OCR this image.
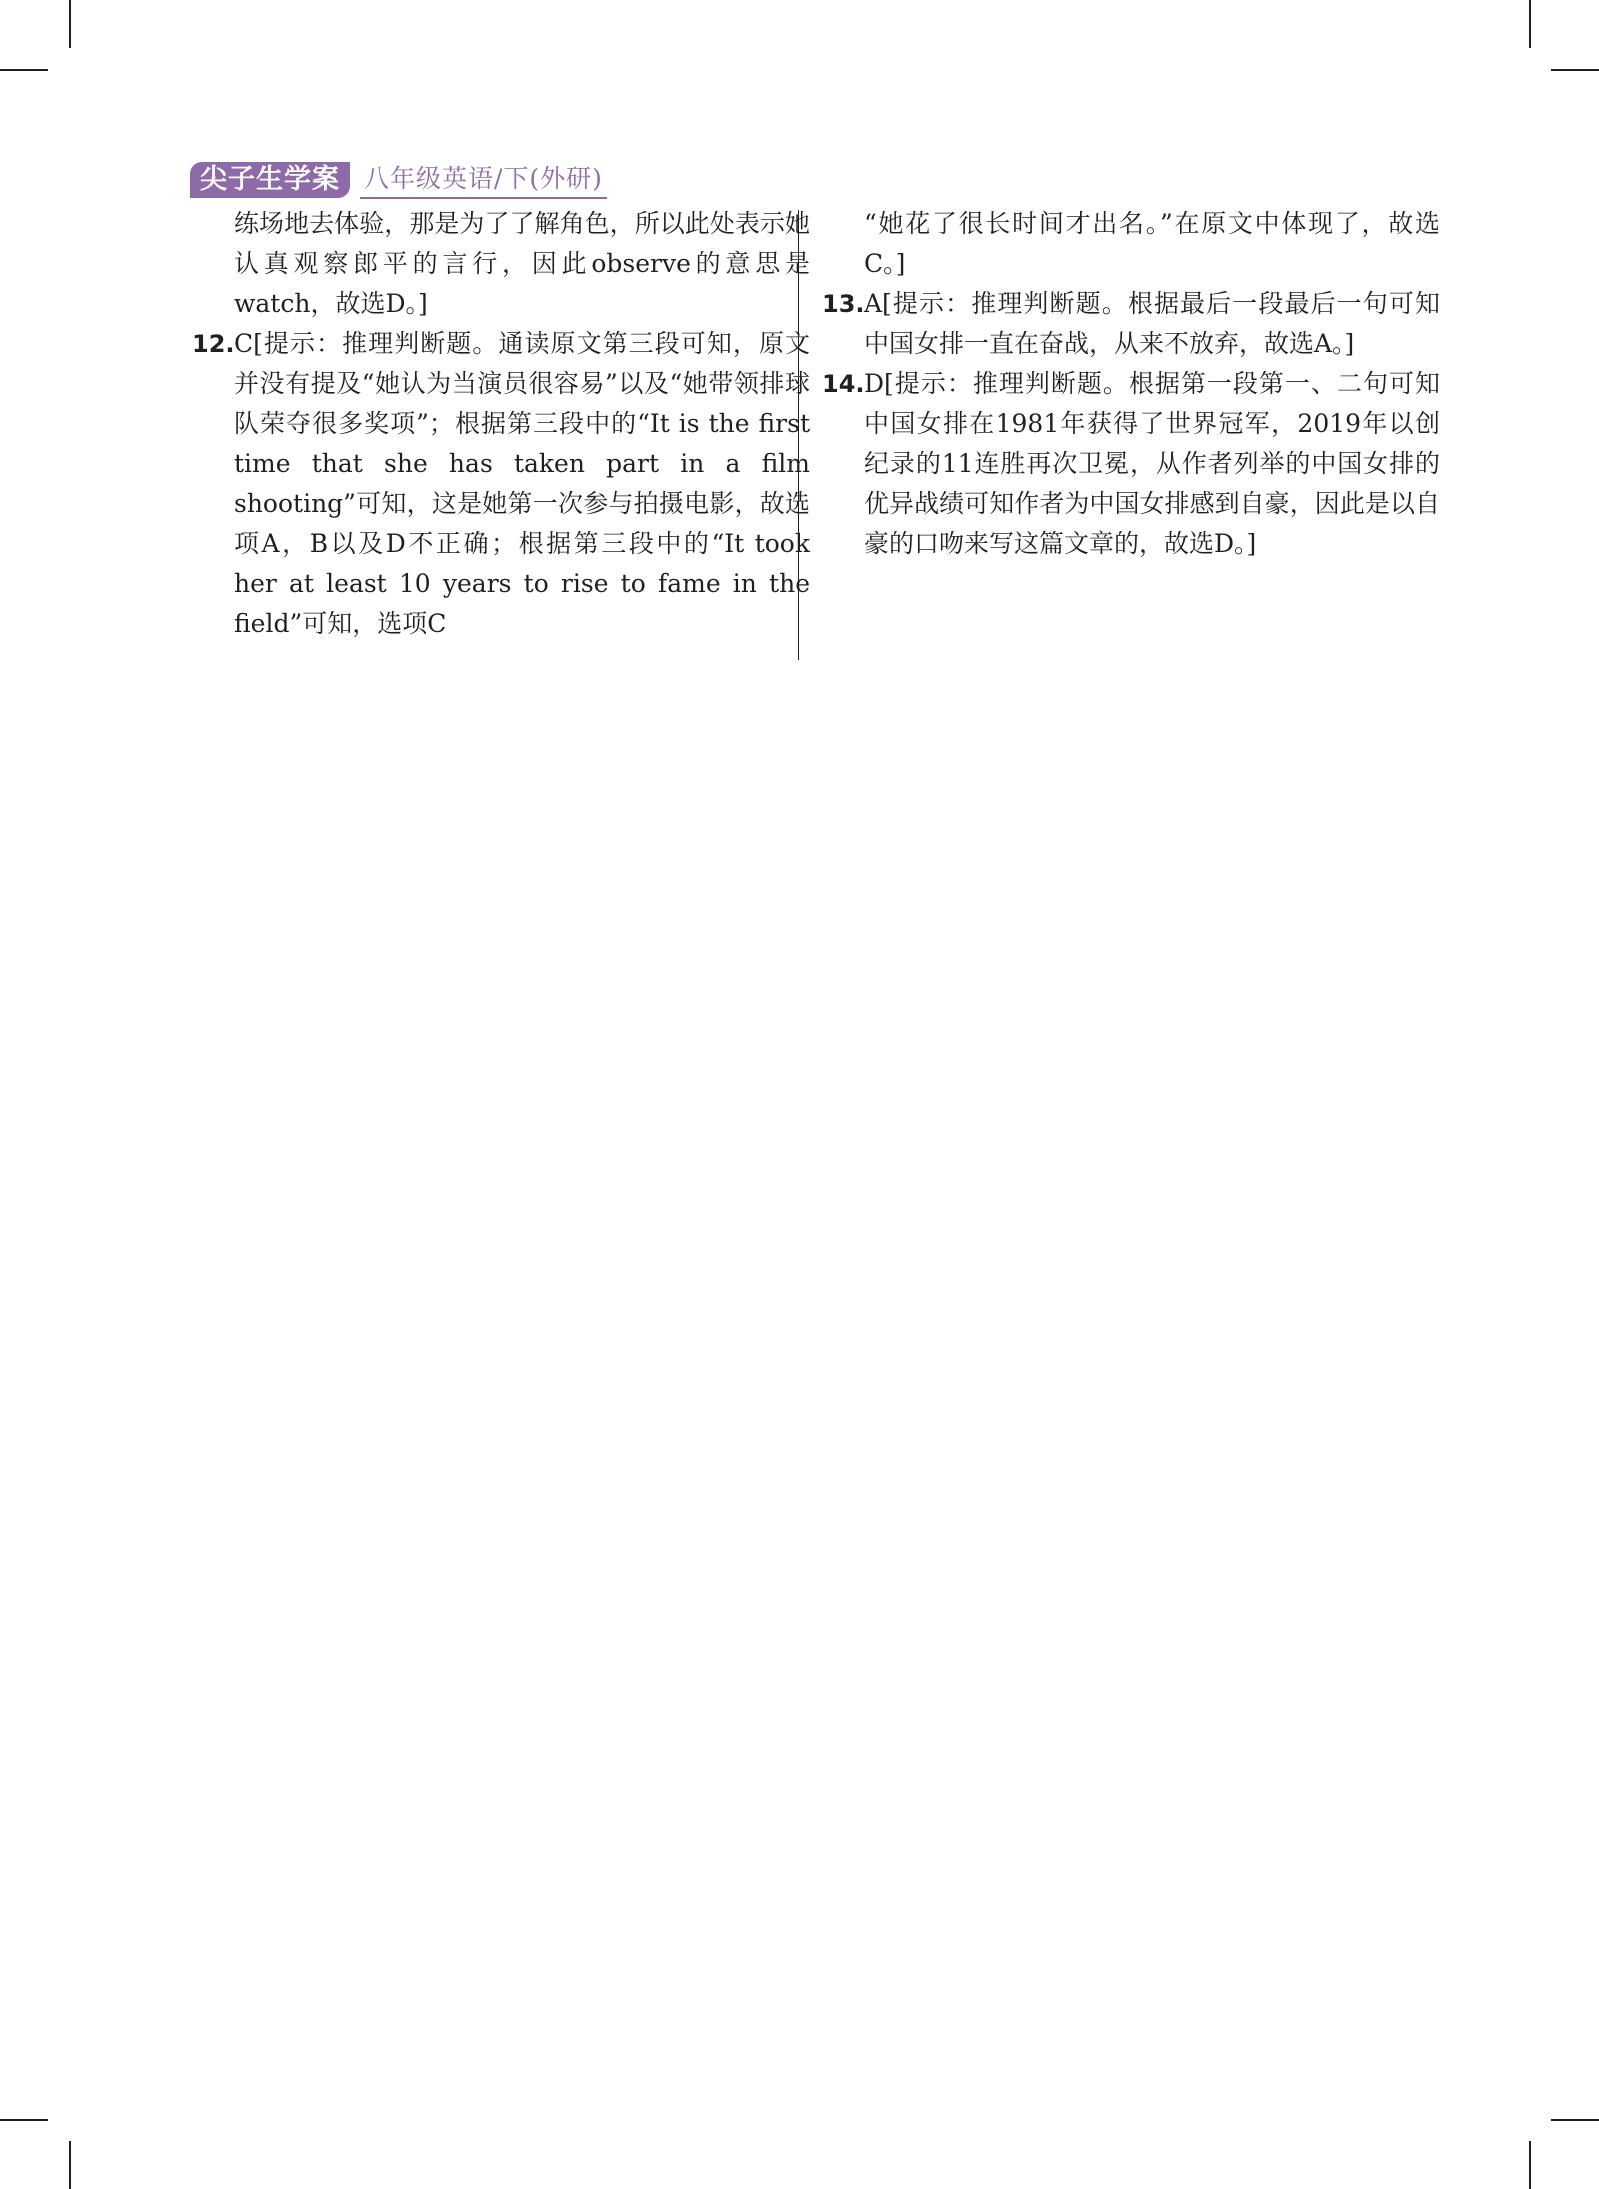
尖子生学案 八年级英语/下(外研)
练场地去体验，那是为了了解角色，所以此处表示她认真观察郎平的言行，因此observe的意思是watch，故选D。]
12. C[提示：推理判断题。通读原文第三段可知，原文并没有提及“她认为当演员很容易”以及“她带领排球队荣夺很多奖项”；根据第三段中的“It is the first time that she has taken part in a film shooting”可知，这是她第一次参与拍摄电影，故选项A，B以及D不正确；根据第三段中的“It took her at least 10 years to rise to fame in the field”可知，选项C
“她花了很长时间才出名。”在原文中体现了，故选C。]
13. A[提示：推理判断题。根据最后一段最后一句可知中国女排一直在奋战，从来不放弃，故选A。]
14. D[提示：推理判断题。根据第一段第一、二句可知中国女排在1981年获得了世界冠军，2019年以创纪录的11连胜再次卫冕，从作者列举的中国女排的优异战绩可知作者为中国女排感到自豪，因此是以自豪的口吻来写这篇文章的，故选D。]
